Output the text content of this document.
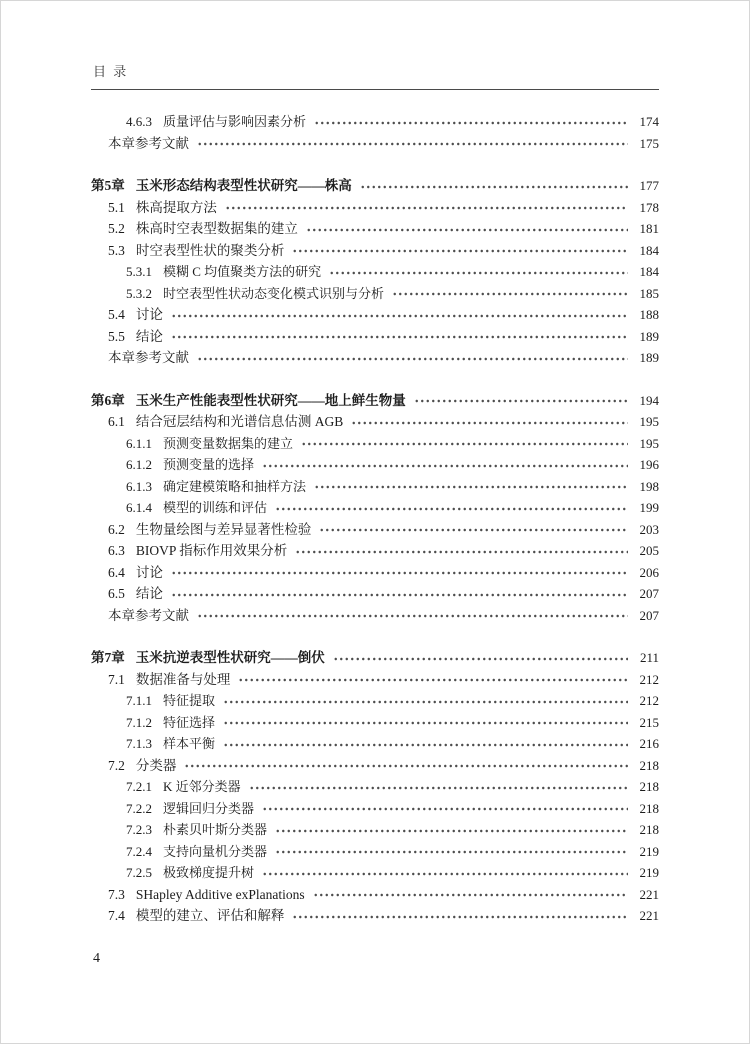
目 录
4.6.3 质量评估与影响因素分析	174
本章参考文献	175
第5章 玉米形态结构表型性状研究——株高	177
5.1 株高提取方法	178
5.2 株高时空表型数据集的建立	181
5.3 时空表型性状的聚类分析	184
5.3.1 模糊 C 均值聚类方法的研究	184
5.3.2 时空表型性状动态变化模式识别与分析	185
5.4 讨论	188
5.5 结论	189
本章参考文献	189
第6章 玉米生产性能表型性状研究——地上鲜生物量	194
6.1 结合冠层结构和光谱信息估测 AGB	195
6.1.1 预测变量数据集的建立	195
6.1.2 预测变量的选择	196
6.1.3 确定建模策略和抽样方法	198
6.1.4 模型的训练和评估	199
6.2 生物量绘图与差异显著性检验	203
6.3 BIOVP 指标作用效果分析	205
6.4 讨论	206
6.5 结论	207
本章参考文献	207
第7章 玉米抗逆表型性状研究——倒伏	211
7.1 数据准备与处理	212
7.1.1 特征提取	212
7.1.2 特征选择	215
7.1.3 样本平衡	216
7.2 分类器	218
7.2.1 K 近邻分类器	218
7.2.2 逻辑回归分类器	218
7.2.3 朴素贝叶斯分类器	218
7.2.4 支持向量机分类器	219
7.2.5 极致梯度提升树	219
7.3 SHapley Additive exPlanations	221
7.4 模型的建立、评估和解释	221
4
